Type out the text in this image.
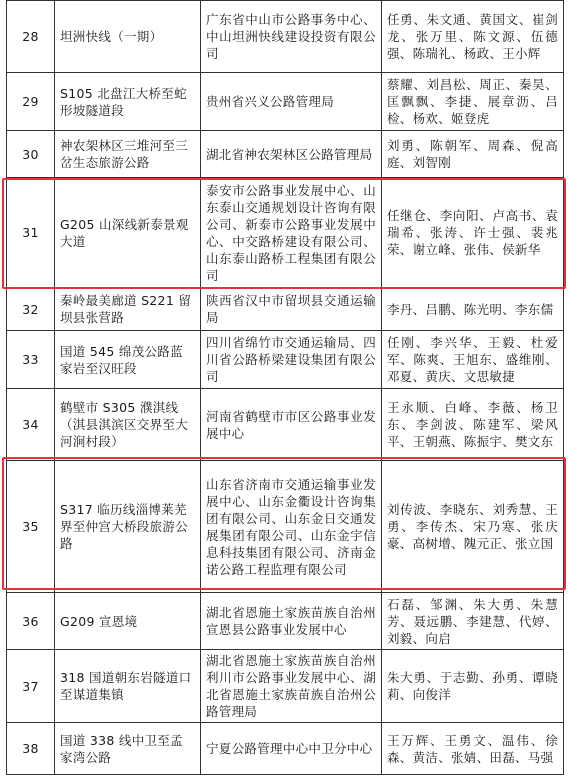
28	坦洲快线（一期）	广东省中山市公路事务中心、中山坦洲快线建设投资有限公司	任勇、朱文通、黄国文、崔剑龙、张万里、陈文源、伍德强、陈瑞礼、杨政、王小辉
29	S105 北盘江大桥至蛇形坡隧道段	贵州省兴义公路管理局	蔡耀、刘昌松、周正、秦昊、匡飘飘、李捷、展章沥、吕检、杨欢、姬登虎
30	神农架林区三堆河至三岔生态旅游公路	湖北省神农架林区公路管理局	刘勇、陈朝军、周森、倪高庭、刘智刚
31	G205 山深线新泰景观大道	泰安市公路事业发展中心、山东泰山交通规划设计咨询有限公司、新泰市公路事业发展中心、中交路桥建设有限公司、山东泰山路桥工程集团有限公司	任继仓、李向阳、卢高书、袁瑞希、张涛、许士强、裴兆荣、谢立峰、张伟、侯新华
32	秦岭最美廊道 S221 留坝县张营路	陕西省汉中市留坝县交通运输局	李丹、吕鹏、陈光明、李东儒
33	国道 545 绵茂公路蓝家岩至汉旺段	四川省绵竹市交通运输局、四川省公路桥梁建设集团有限公司	任刚、李兴华、王毅、杜爱军、陈爽、王旭东、盛维刚、邓夏、黄庆、文思敏捷
34	鹤壁市 S305 濮淇线（淇县淇滨区交界至大河涧村段）	河南省鹤壁市市区公路事业发展中心	王永顺、白峰、李薇、杨卫东、李剑波、陈建军、梁风平、王朝燕、陈振宇、樊文东
35	S317 临历线淄博莱芜界至仲宫大桥段旅游公路	山东省济南市交通运输事业发展中心、山东金衢设计咨询集团有限公司、山东金日交通发展集团有限公司、山东金宇信息科技集团有限公司、济南金诺公路工程监理有限公司	刘传波、李晓东、刘秀慧、王勇、李传杰、宋乃寒、张庆豪、高树增、隗元正、张立国
36	G209 宣恩境	湖北省恩施土家族苗族自治州宣恩县公路事业发展中心	石磊、邹渊、朱大勇、朱慧芳、聂远鹏、李建慧、代婷、刘毅、向启
37	318 国道朝东岩隧道口至谋道集镇	湖北省恩施土家族苗族自治州利川市公路事业发展中心、湖北省恩施土家族苗族自治州公路管理局	朱大勇、于志勤、孙勇、谭晓莉、向俊洋
38	国道 338 线中卫至孟家湾公路	宁夏公路管理中心中卫分中心	王万辉、王勇文、温伟、徐森、黄洁、张婧、田磊、马强
